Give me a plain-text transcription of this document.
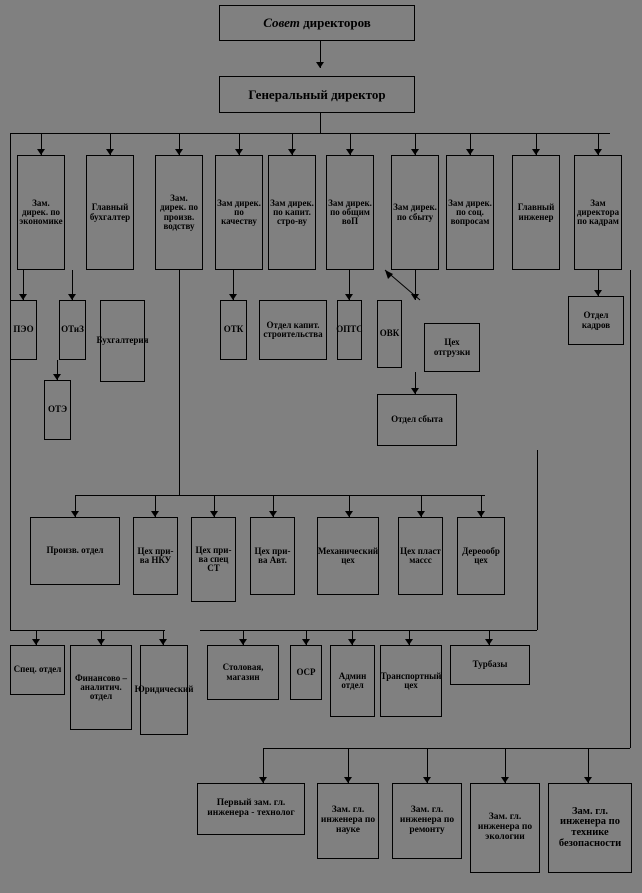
Совет директоров
Генеральный директор
Зам. дирек. по экономике
Главный бухгалтер
Зам. дирек. по произв. водству
Зам дирек. по качеству
Зам дирек. по капит. стро-ву
Зам дирек. по общим воП
Зам дирек. по сбыту
Зам дирек. по соц. вопросам
Главный инженер
Зам директора по кадрам
ПЭО	ОТиЗ
ОТЭ
Бухгалтерия
ОТК	Отдел капит. строительства	ОПТС	ОВК
Цех отгрузки
Отдел сбыта
Отдел кадров
Произв. отдел	Цех при-ва НКУ
Цех при-ва спец СТ
Цех при-ва Авт.
Механический цех
Цех пласт массс
Дереообр цех
Спец. отдел
Финансово – аналитич. отдел
Юридический
Столовая, магазин	ОСР	Админ отдел
Транспортный цех
Турбазы
Первый зам. гл. инженера - технолог	Зам. гл. инженера по науке
Зам. гл. инженера по ремонту
Зам. гл. инженера по экологии
Зам. гл. инженера по технике безопасности
